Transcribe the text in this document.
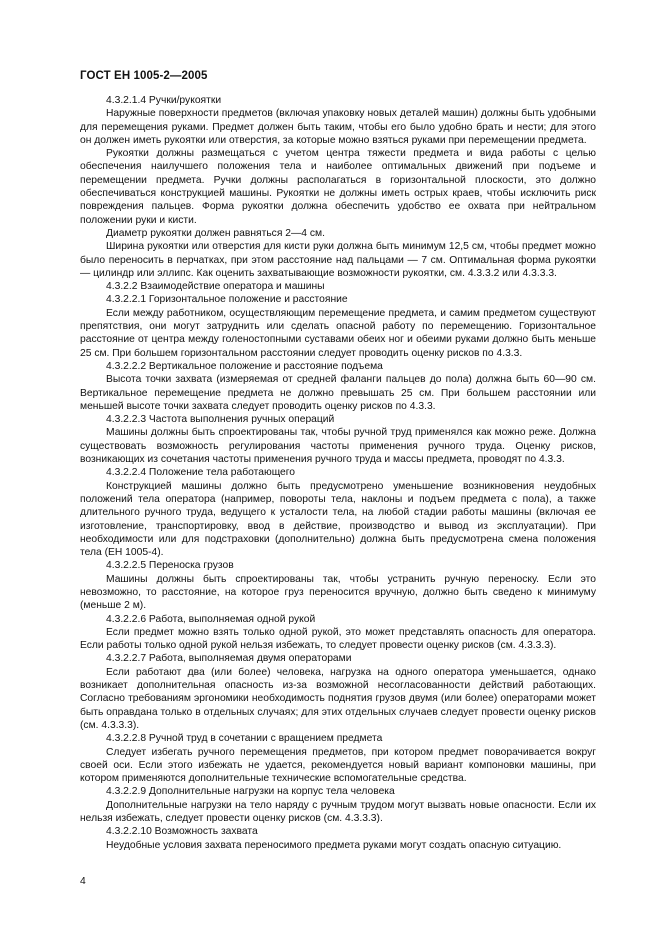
ГОСТ ЕН 1005-2—2005

4.3.2.1.4 Ручки/рукоятки

Наружные поверхности предметов (включая упаковку новых деталей машин) должны быть удобными для перемещения руками. Предмет должен быть таким, чтобы его было удобно брать и нести; для этого он должен иметь рукоятки или отверстия, за которые можно взяться руками при перемещении предмета.

Рукоятки должны размещаться с учетом центра тяжести предмета и вида работы с целью обеспечения наилучшего положения тела и наиболее оптимальных движений при подъеме и перемещении предмета. Ручки должны располагаться в горизонтальной плоскости, это должно обеспечиваться конструкцией машины. Рукоятки не должны иметь острых краев, чтобы исключить риск повреждения пальцев. Форма рукоятки должна обеспечить удобство ее охвата при нейтральном положении руки и кисти.

Диаметр рукоятки должен равняться 2—4 см.

Ширина рукоятки или отверстия для кисти руки должна быть минимум 12,5 см, чтобы предмет можно было переносить в перчатках, при этом расстояние над пальцами — 7 см. Оптимальная форма рукоятки — цилиндр или эллипс. Как оценить захватывающие возможности рукоятки, см. 4.3.3.2 или 4.3.3.3.

4.3.2.2 Взаимодействие оператора и машины

4.3.2.2.1 Горизонтальное положение и расстояние

Если между работником, осуществляющим перемещение предмета, и самим предметом существуют препятствия, они могут затруднить или сделать опасной работу по перемещению. Горизонтальное расстояние от центра между голеностопными суставами обеих ног и обеими руками должно быть меньше 25 см. При большем горизонтальном расстоянии следует проводить оценку рисков по 4.3.3.

4.3.2.2.2 Вертикальное положение и расстояние подъема

Высота точки захвата (измеряемая от средней фаланги пальцев до пола) должна быть 60—90 см. Вертикальное перемещение предмета не должно превышать 25 см. При большем расстоянии или меньшей высоте точки захвата следует проводить оценку рисков по 4.3.3.

4.3.2.2.3 Частота выполнения ручных операций

Машины должны быть спроектированы так, чтобы ручной труд применялся как можно реже. Должна существовать возможность регулирования частоты применения ручного труда. Оценку рисков, возникающих из сочетания частоты применения ручного труда и массы предмета, проводят по 4.3.3.

4.3.2.2.4 Положение тела работающего

Конструкцией машины должно быть предусмотрено уменьшение возникновения неудобных положений тела оператора (например, повороты тела, наклоны и подъем предмета с пола), а также длительного ручного труда, ведущего к усталости тела, на любой стадии работы машины (включая ее изготовление, транспортировку, ввод в действие, производство и вывод из эксплуатации). При необходимости или для подстраховки (дополнительно) должна быть предусмотрена смена положения тела (ЕН 1005-4).

4.3.2.2.5 Переноска грузов

Машины должны быть спроектированы так, чтобы устранить ручную переноску. Если это невозможно, то расстояние, на которое груз переносится вручную, должно быть сведено к минимуму (меньше 2 м).

4.3.2.2.6 Работа, выполняемая одной рукой

Если предмет можно взять только одной рукой, это может представлять опасность для оператора. Если работы только одной рукой нельзя избежать, то следует провести оценку рисков (см. 4.3.3.3).

4.3.2.2.7 Работа, выполняемая двумя операторами

Если работают два (или более) человека, нагрузка на одного оператора уменьшается, однако возникает дополнительная опасность из-за возможной несогласованности действий работающих. Согласно требованиям эргономики необходимость поднятия грузов двумя (или более) операторами может быть оправдана только в отдельных случаях; для этих отдельных случаев следует провести оценку рисков (см. 4.3.3.3).

4.3.2.2.8 Ручной труд в сочетании с вращением предмета

Следует избегать ручного перемещения предметов, при котором предмет поворачивается вокруг своей оси. Если этого избежать не удается, рекомендуется новый вариант компоновки машины, при котором применяются дополнительные технические вспомогательные средства.

4.3.2.2.9 Дополнительные нагрузки на корпус тела человека

Дополнительные нагрузки на тело наряду с ручным трудом могут вызвать новые опасности. Если их нельзя избежать, следует провести оценку рисков (см. 4.3.3.3).

4.3.2.2.10 Возможность захвата

Неудобные условия захвата переносимого предмета руками могут создать опасную ситуацию.

4
